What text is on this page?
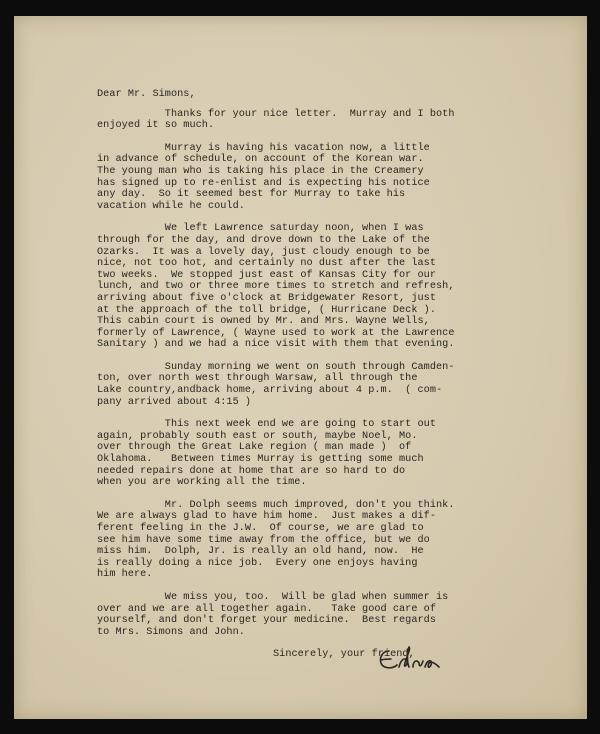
Dear Mr. Simons,
Thanks for your nice letter.  Murray and I both
enjoyed it so much.
Murray is having his vacation now, a little
in advance of schedule, on account of the Korean war.
The young man who is taking his place in the Creamery
has signed up to re-enlist and is expecting his notice
any day.  So it seemed best for Murray to take his
vacation while he could.
We left Lawrence saturday noon, when I was
through for the day, and drove down to the Lake of the
Ozarks.  It was a lovely day, just cloudy enough to be
nice, not too hot, and certainly no dust after the last
two weeks.  We stopped just east of Kansas City for our
lunch, and two or three more times to stretch and refresh,
arriving about five o'clock at Bridgewater Resort, just
at the approach of the toll bridge, ( Hurricane Deck ).
This cabin court is owned by Mr. and Mrs. Wayne Wells,
formerly of Lawrence, ( Wayne used to work at the Lawrence
Sanitary ) and we had a nice visit with them that evening.
Sunday morning we went on south through Camden-
ton, over north west through Warsaw, all through the
Lake country,andback home, arriving about 4 p.m.  ( com-
pany arrived about 4:15 )
This next week end we are going to start out
again, probably south east or south, maybe Noel, Mo.
over through the Great Lake region ( man made )  of
Oklahoma.   Between times Murray is getting some much
needed repairs done at home that are so hard to do
when you are working all the time.
Mr. Dolph seems much improved, don't you think.
We are always glad to have him home.  Just makes a dif-
ferent feeling in the J.W.  Of course, we are glad to
see him have some time away from the office, but we do
miss him.  Dolph, Jr. is really an old hand, now.  He
is really doing a nice job.  Every one enjoys having
him here.
We miss you, too.  Will be glad when summer is
over and we are all together again.   Take good care of
yourself, and don't forget your medicine.  Best regards
to Mrs. Simons and John.
Sincerely, your friend,
